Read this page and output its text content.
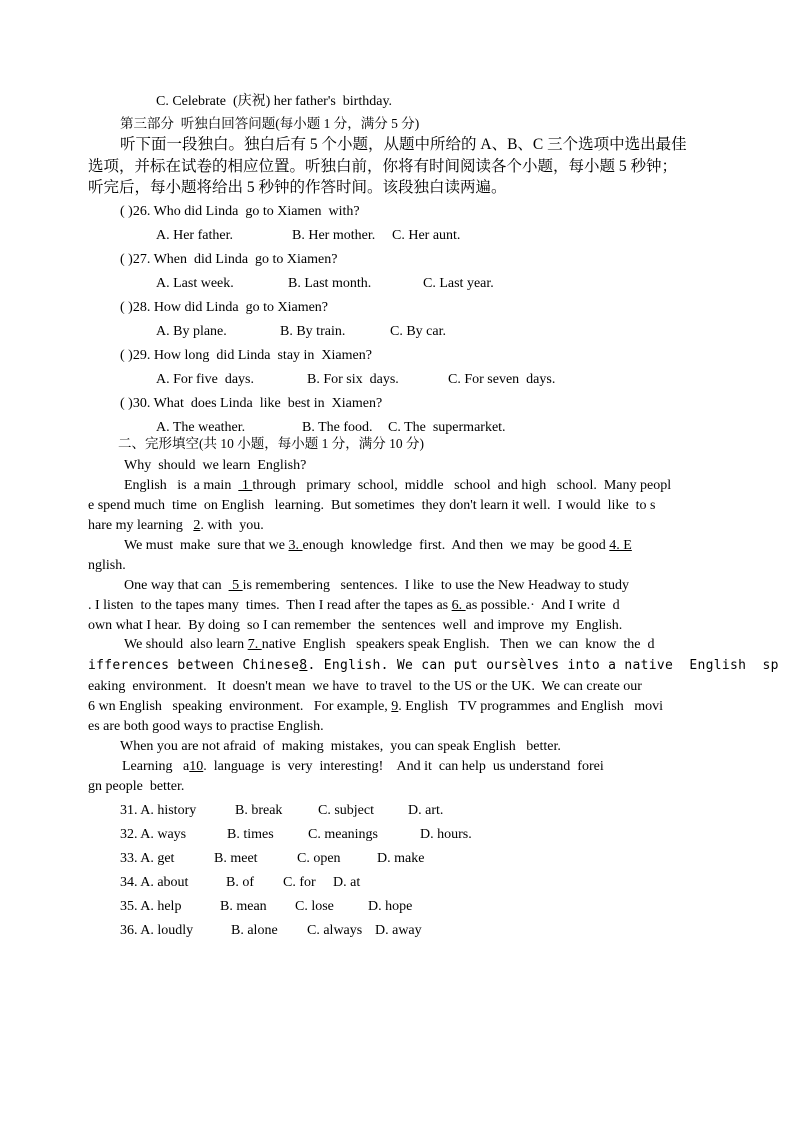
C. Celebrate  (庆祝) her father's  birthday.
第三部分  听独白回答问题(每小题 1 分，满分 5 分)
听下面一段独白。独白后有 5 个小题，从题中所给的 A、B、C 三个选项中选出最佳
选项，并标在试卷的相应位置。听独白前，你将有时间阅读各个小题，每小题 5 秒钟；
听完后，每小题将给出 5 秒钟的作答时间。该段独白读两遍。
( )26. Who did Linda  go to Xiamen  with?
A. Her father.	B. Her mother. C. Her aunt.
( )27. When  did Linda  go to Xiamen?
A. Last week.	B. Last month.	C. Last year.
( )28. How did Linda  go to Xiamen?
A. By plane.	B. By train.	C. By car.
( )29. How long  did Linda  stay in  Xiamen?
A. For five  days.	B. For six  days.	C. For seven  days.
( )30. What  does Linda  like  best in  Xiamen?
A. The weather.	B. The food. C. The  supermarket.
二、完形填空(共 10 小题，每小题 1 分，满分 10 分)
Why  should  we learn  English?
English   is  a main   1 through   primary  school,  middle   school  and high   school.  Many peopl
e spend much  time  on English   learning.  But sometimes  they don't learn it well.  I would  like  to s
hare my learning   2. with  you.
We must  make  sure that we 3. enough  knowledge  first.  And then  we may  be good 4. E
nglish.
One way that can   5 is remembering   sentences.  I like  to use the New Headway to study
. I listen  to the tapes many  times.  Then I read after the tapes as 6. as possible.·  And I write  d
own what I hear.  By doing  so I can remember  the  sentences  well  and improve  my  English.
We should  also learn 7. native  English   speakers speak English.   Then  we  can  know  the  d
ifferences between Chinese8. English. We can put oursèlves into a native  English  sp
eaking  environment.   It  doesn't mean  we have  to travel  to the US or the UK.  We can create our
6 wn English   speaking  environment.   For example, 9. English   TV programmes  and English   movi
es are both good ways to practise English.
When you are not afraid  of  making  mistakes,  you can speak English   better.
Learning   a10.  language  is  very  interesting!    And it  can help  us understand  forei
gn people  better.
31. A. history	B. break	C. subject D. art.
32. A. ways	B. times C. meanings	D. hours.
33. A. get	B. meet	C. open	D. make
34. A. about	B. of C. for D. at
35. A. help	B. mean C. lose D. hope
36. A. loudly	B. alone C. always D. away
